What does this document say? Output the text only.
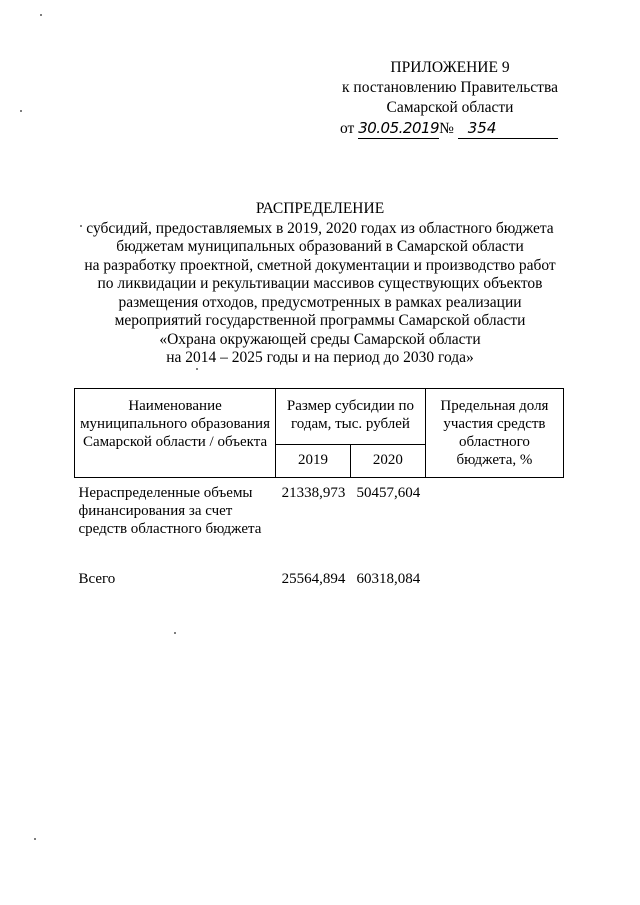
ПРИЛОЖЕНИЕ 9
к постановлению Правительства
Самарской области
от 30.05.2019№ 354
РАСПРЕДЕЛЕНИЕ
субсидий, предоставляемых в 2019, 2020 годах из областного бюджета
бюджетам муниципальных образований в Самарской области
на разработку проектной, сметной документации и производство работ
по ликвидации и рекультивации массивов существующих объектов
размещения отходов, предусмотренных в рамках реализации
мероприятий государственной программы Самарской области
«Охрана окружающей среды Самарской области
на 2014 – 2025 годы и на период до 2030 года»
Наименование муниципального образования Самарской области / объекта	Размер субсидии по годам, тыс. рублей		Предельная доля участия средств областного бюджета, %
	2019	2020	

Нераспределенные объемы финансирования за счет средств областного бюджета	21338,973	50457,604	

Всего	25564,894	60318,084	
